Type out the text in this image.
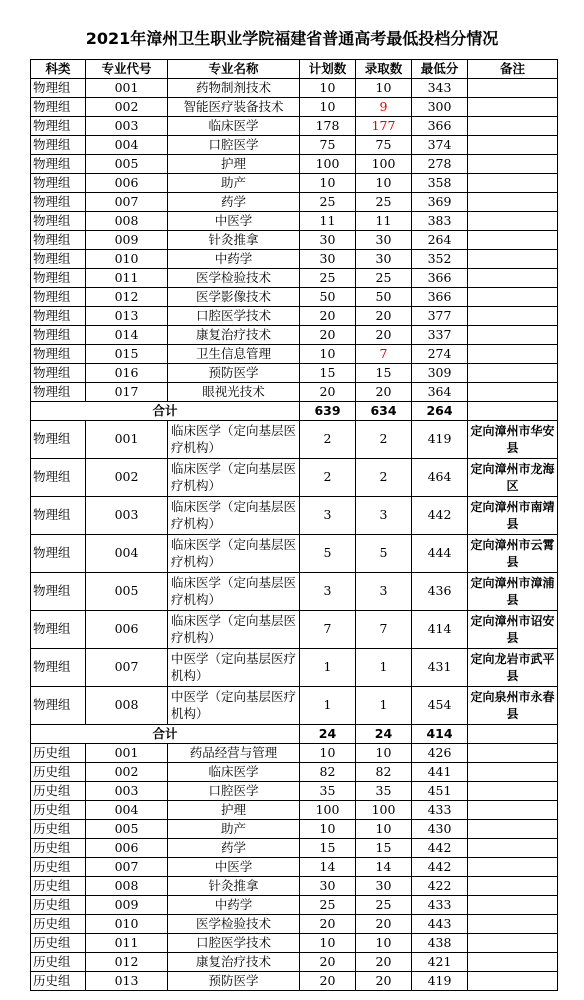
2021年漳州卫生职业学院福建省普通高考最低投档分情况
科类	专业代号	专业名称	计划数	录取数	最低分	备注
物理组	001	药物制剂技术	10	10	343	
物理组	002	智能医疗装备技术	10	9	300	
物理组	003	临床医学	178	177	366	
物理组	004	口腔医学	75	75	374	
物理组	005	护理	100	100	278	
物理组	006	助产	10	10	358	
物理组	007	药学	25	25	369	
物理组	008	中医学	11	11	383	
物理组	009	针灸推拿	30	30	264	
物理组	010	中药学	30	30	352	
物理组	011	医学检验技术	25	25	366	
物理组	012	医学影像技术	50	50	366	
物理组	013	口腔医学技术	20	20	377	
物理组	014	康复治疗技术	20	20	337	
物理组	015	卫生信息管理	10	7	274	
物理组	016	预防医学	15	15	309	
物理组	017	眼视光技术	20	20	364	
合计			639	634	264	
物理组	001	临床医学（定向基层医疗机构）	2	2	419	定向漳州市华安县
物理组	002	临床医学（定向基层医疗机构）	2	2	464	定向漳州市龙海区
物理组	003	临床医学（定向基层医疗机构）	3	3	442	定向漳州市南靖县
物理组	004	临床医学（定向基层医疗机构）	5	5	444	定向漳州市云霄县
物理组	005	临床医学（定向基层医疗机构）	3	3	436	定向漳州市漳浦县
物理组	006	临床医学（定向基层医疗机构）	7	7	414	定向漳州市诏安县
物理组	007	中医学（定向基层医疗机构）	1	1	431	定向龙岩市武平县
物理组	008	中医学（定向基层医疗机构）	1	1	454	定向泉州市永春县
合计			24	24	414	
历史组	001	药品经营与管理	10	10	426	
历史组	002	临床医学	82	82	441	
历史组	003	口腔医学	35	35	451	
历史组	004	护理	100	100	433	
历史组	005	助产	10	10	430	
历史组	006	药学	15	15	442	
历史组	007	中医学	14	14	442	
历史组	008	针灸推拿	30	30	422	
历史组	009	中药学	25	25	433	
历史组	010	医学检验技术	20	20	443	
历史组	011	口腔医学技术	10	10	438	
历史组	012	康复治疗技术	20	20	421	
历史组	013	预防医学	20	20	419	
